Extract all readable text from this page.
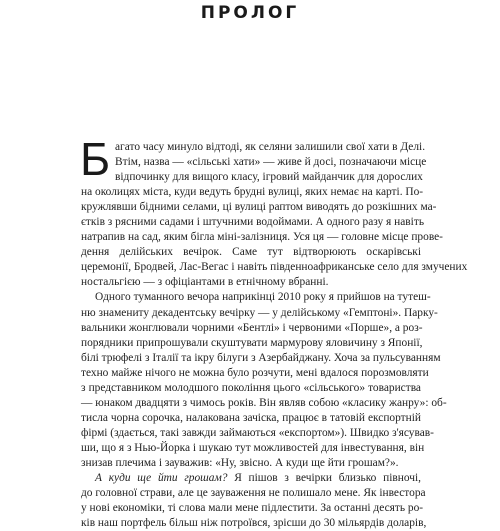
ПРОЛОГ
Б агато часу минуло відтоді, як селяни залишили свої хати в Делі.
Втім, назва — «сільські хати» — живе й досі, позначаючи місце
відпочинку для вищого класу, ігровий майданчик для дорослих
на околицях міста, куди ведуть брудні вулиці, яких немає на карті. По-
кружлявши бідними селами, ці вулиці раптом виводять до розкішних ма-
єтків з рясними садами і штучними водоймами. А одного разу я навіть
натрапив на сад, яким бігла міні-залізниця. Уся ця — головне місце прове-
дення делійських вечірок. Саме тут відтворюють оскарівські
церемонії, Бродвей, Лас-Вегас і навіть південноафриканське село для змучених
ностальгією — з офіціантами в етнічному вбранні.
Одного туманного вечора наприкінці 2010 року я прийшов на тутеш-
ню знамениту декадентську вечірку — у делійському «Гемптоні». Парку-
вальники жонглювали чорними «Бентлі» і червоними «Порше», а роз-
порядники припрошували скуштувати мармурову яловичину з Японії,
білі трюфелі з Італії та ікру білуги з Азербайджану. Хоча за пульсуванням
техно майже нічого не можна було розчути, мені вдалося порозмовляти
з представником молодшого покоління цього «сільського» товариства
— юнаком двадцяти з чимось років. Він являв собою «класику жанру»: об-
тисла чорна сорочка, налакована зачіска, працює в татовій експортній
фірмі (здається, такі завжди займаються «експортом»). Швидко з'ясував-
ши, що я з Нью-Йорка і шукаю тут можливостей для інвестування, він
знизав плечима і зауважив: «Ну, звісно. А куди ще йти грошам?».
А куди ще йти грошам? Я пішов з вечірки близько півночі,
до головної страви, але це зауваження не полишало мене. Як інвестора
у нові економіки, ті слова мали мене підлестити. За останні десять ро-
ків наш портфель більш ніж потроївся, зрісши до 30 мільярдів доларів,
